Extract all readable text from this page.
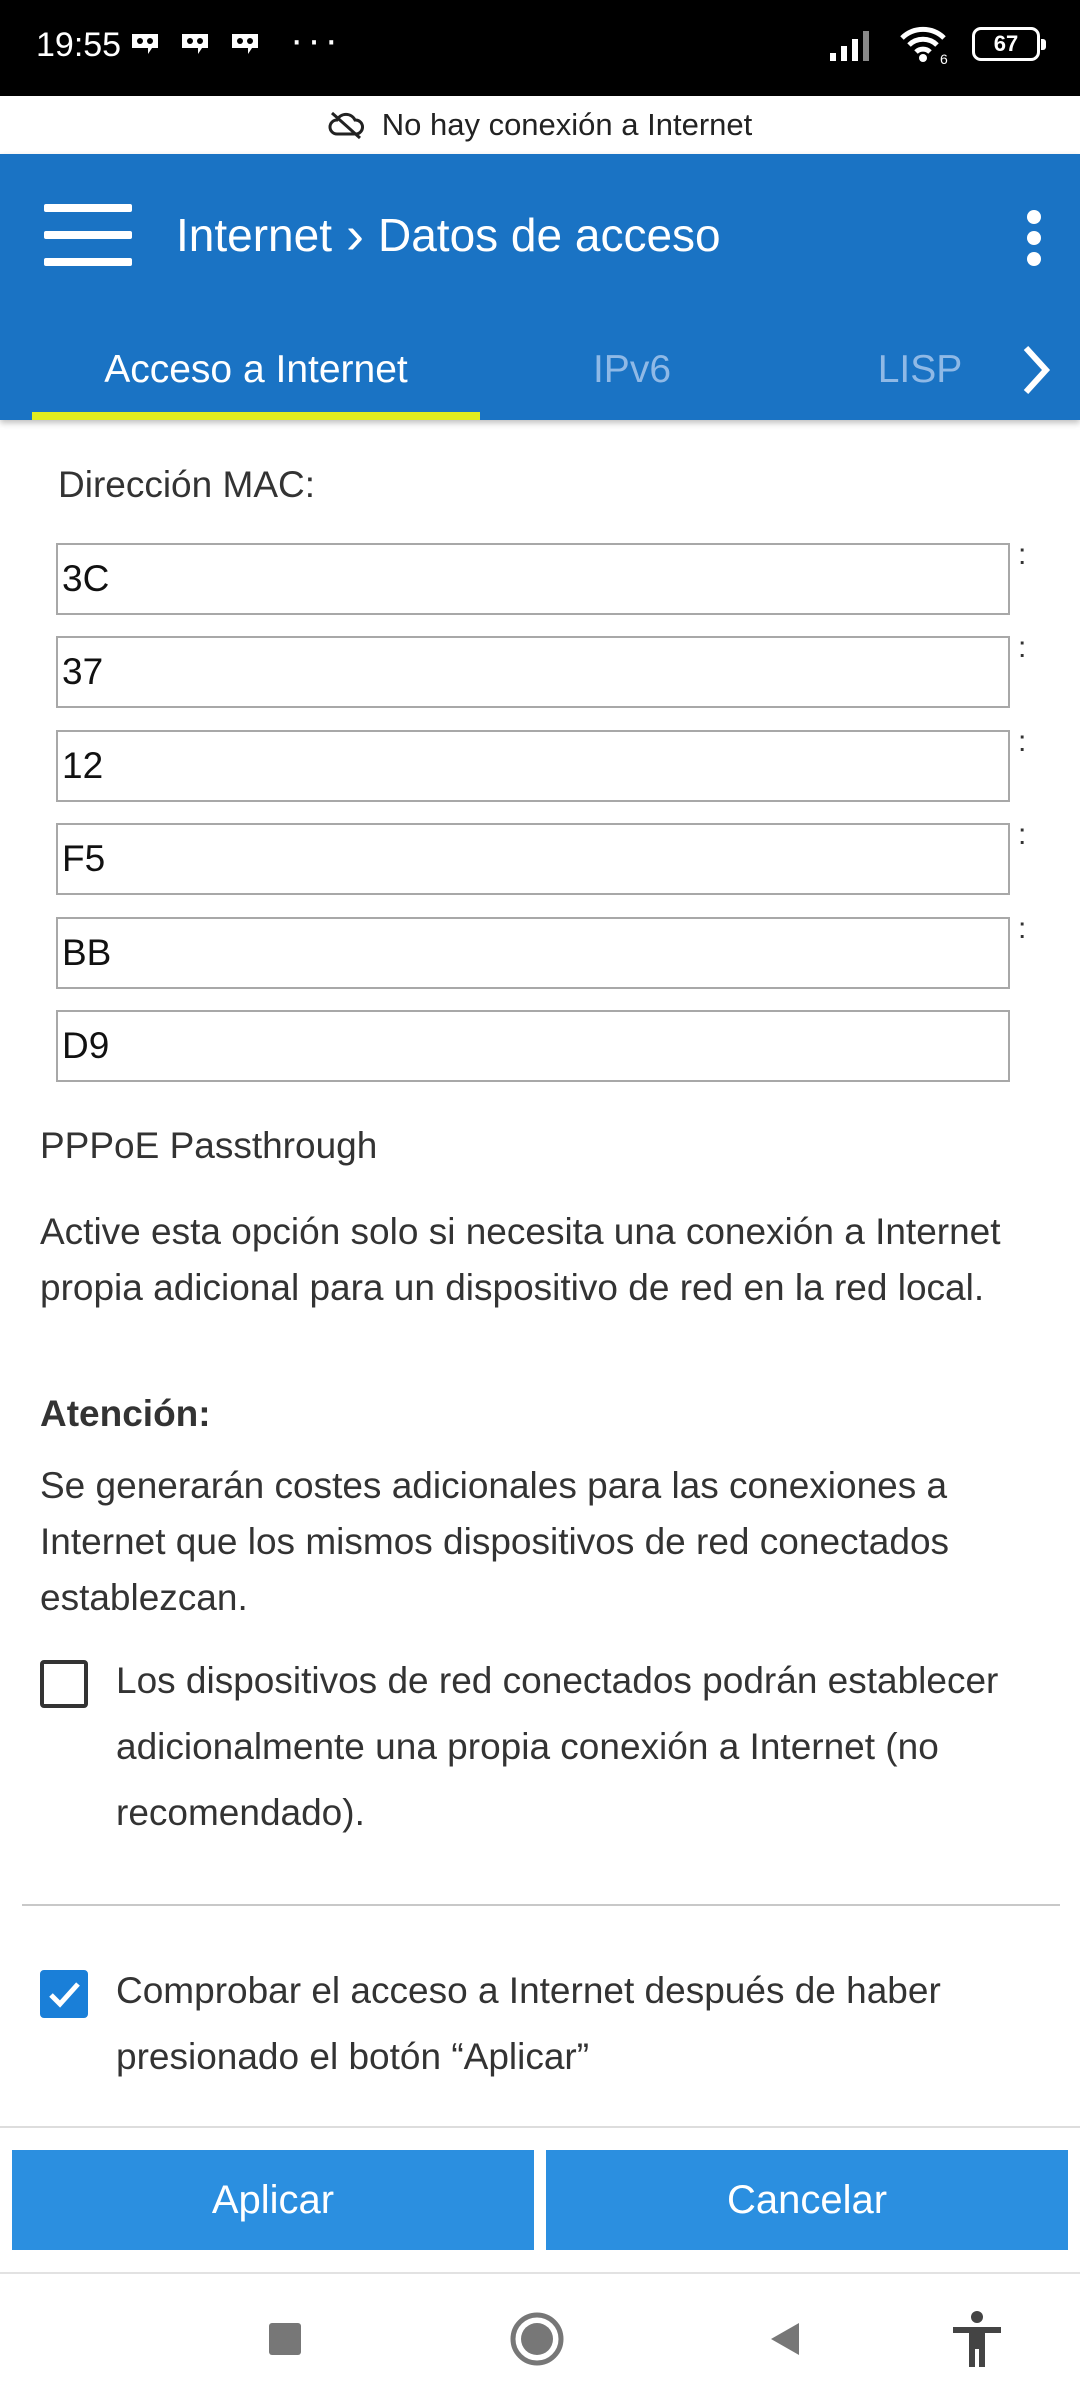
19:55	···	6
67
No hay conexión a Internet
Internet › Datos de acceso
Acceso a Internet	IPv6	LISP
Dirección MAC:
3C
:
37
:
12
:
F5
:
BB
:
D9
PPPoE Passthrough
Active esta opción solo si necesita una conexión a Internet propia adicional para un dispositivo de red en la red local.
Atención:
Se generarán costes adicionales para las conexiones a Internet que los mismos dispositivos de red conectados establezcan.
Los dispositivos de red conectados podrán establecer adicionalmente una propia conexión a Internet (no recomendado).
Comprobar el acceso a Internet después de haber presionado el botón “Aplicar”
Aplicar	Cancelar
